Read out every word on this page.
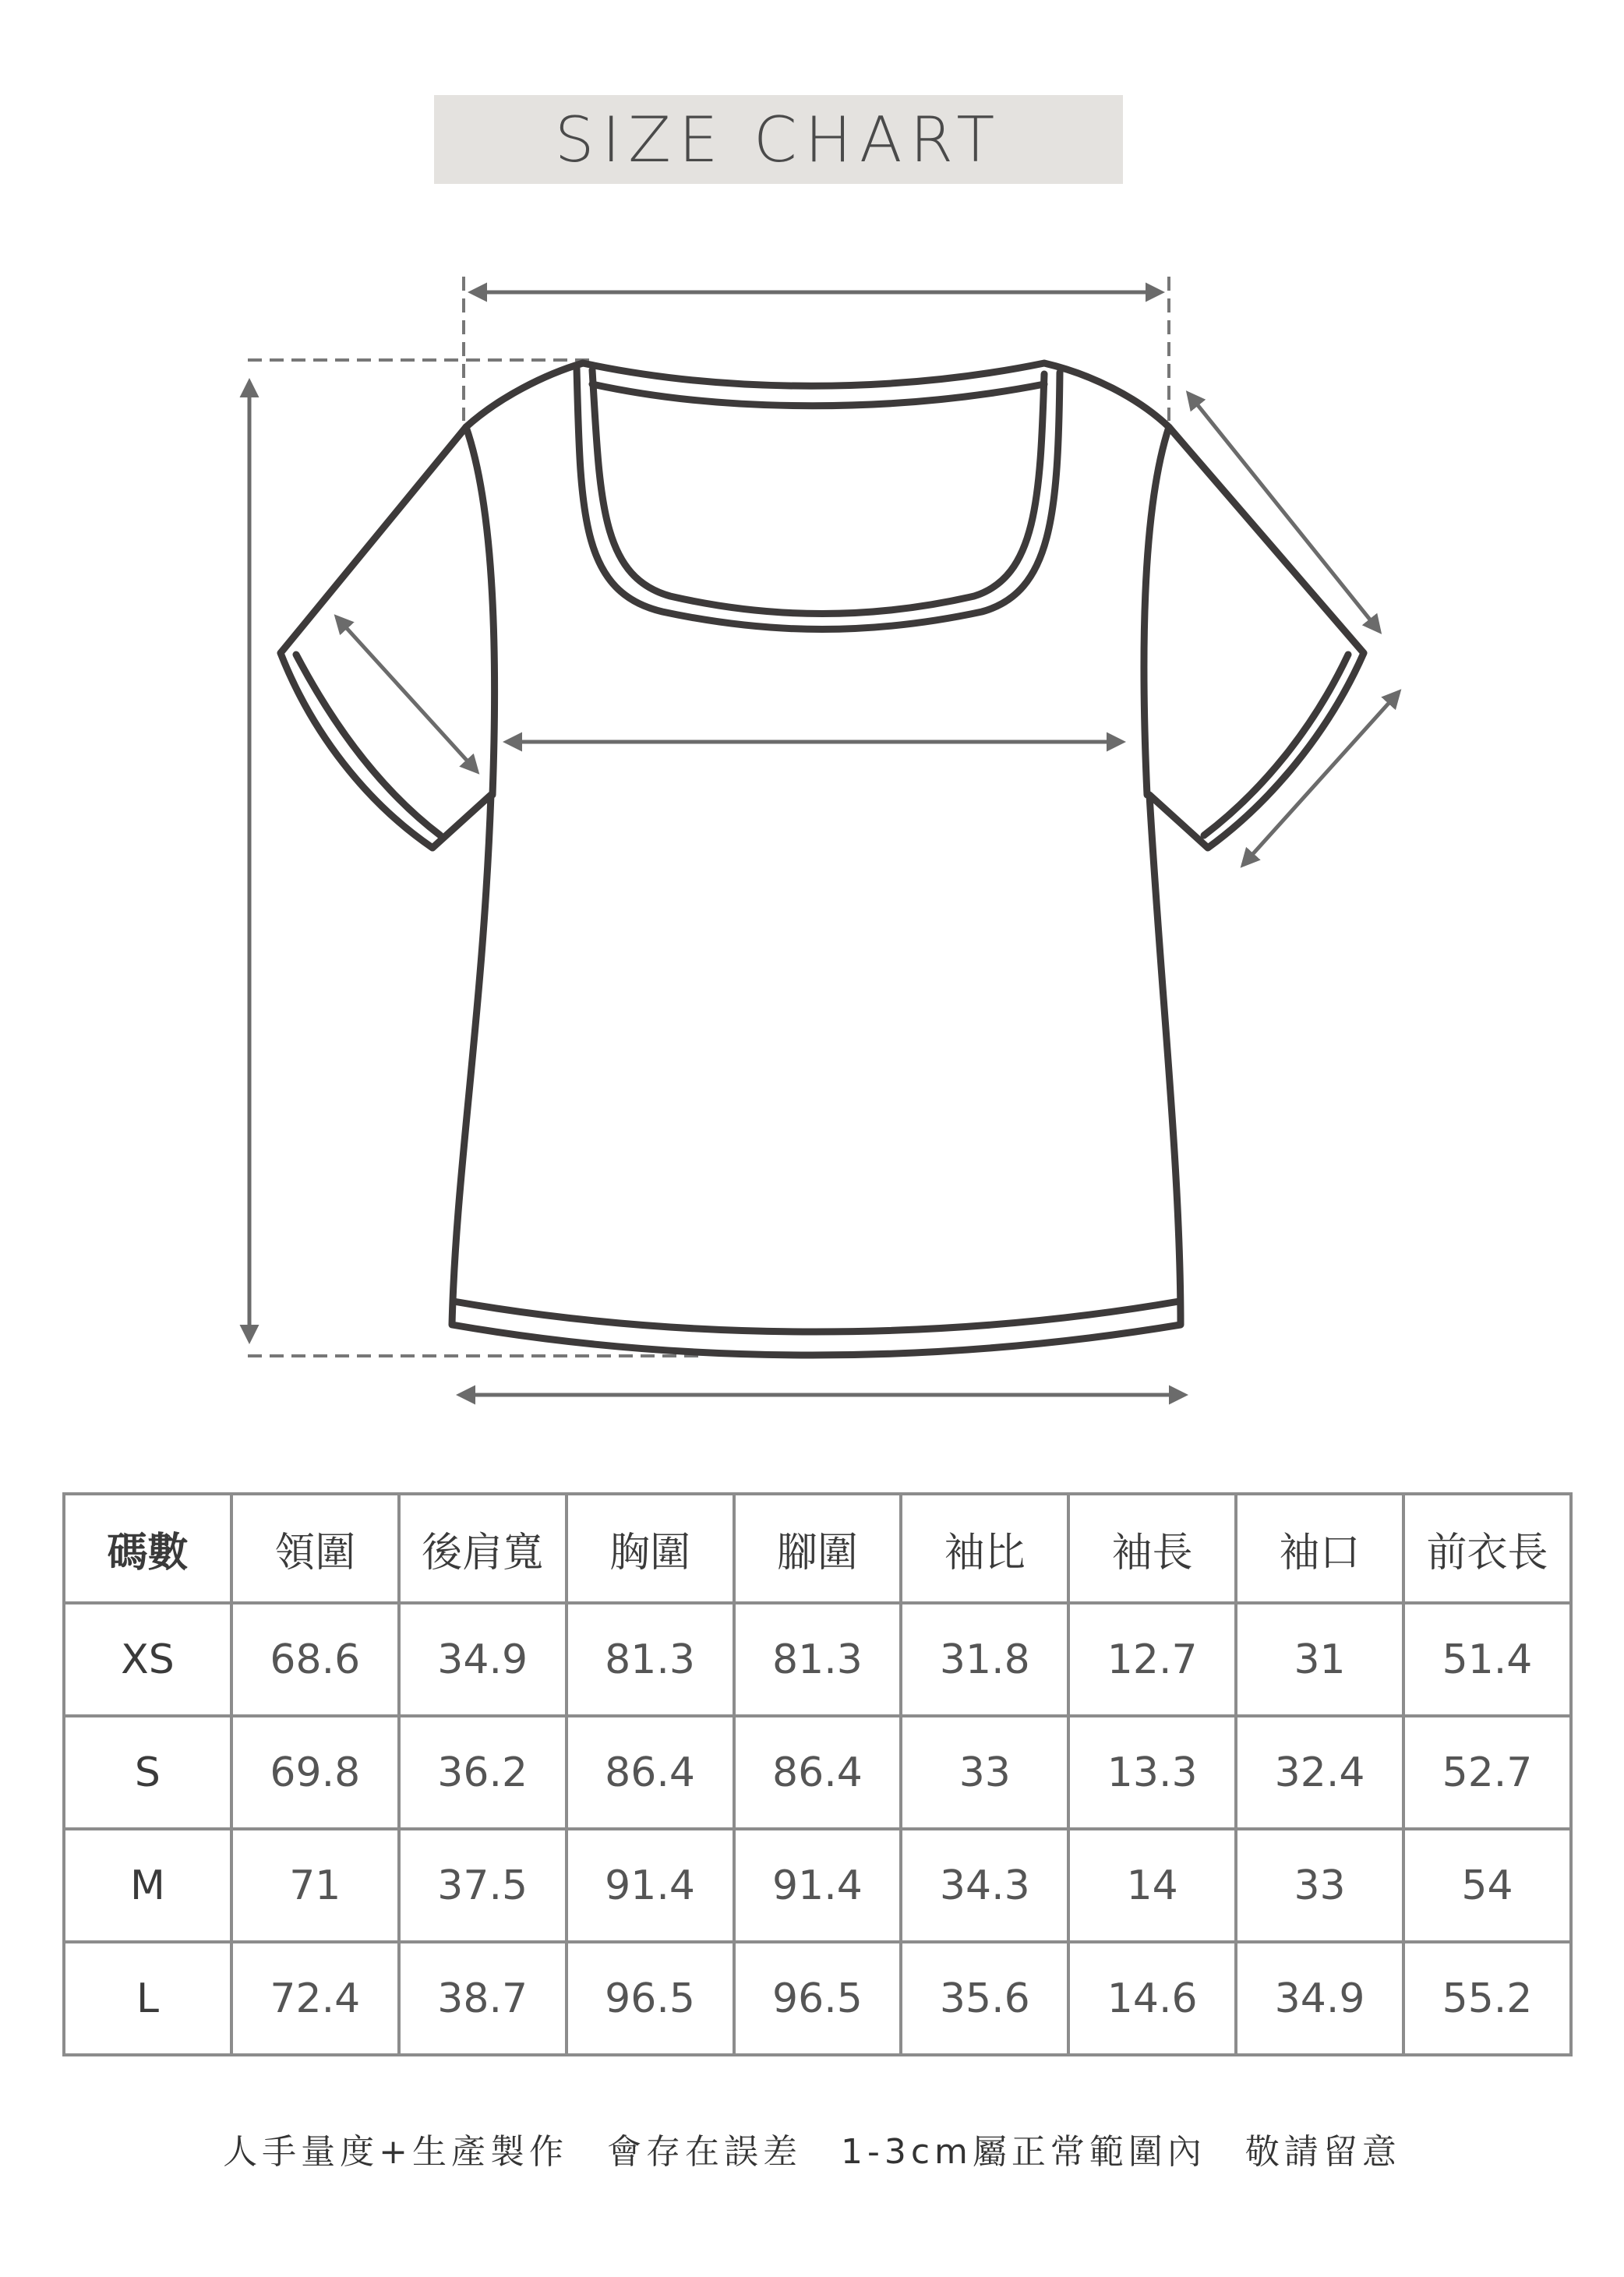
SIZE CHART
碼數	領圍	後肩寬	胸圍	腳圍	袖比	袖長	袖口	前衣長
XS	68.6	34.9	81.3	81.3	31.8	12.7	31	51.4
S	69.8	36.2	86.4	86.4	33	13.3	32.4	52.7
M	71	37.5	91.4	91.4	34.3	14	33	54
L	72.4	38.7	96.5	96.5	35.6	14.6	34.9	55.2
人手量度+生產製作　會存在誤差　1-3cm屬正常範圍內　敬請留意
